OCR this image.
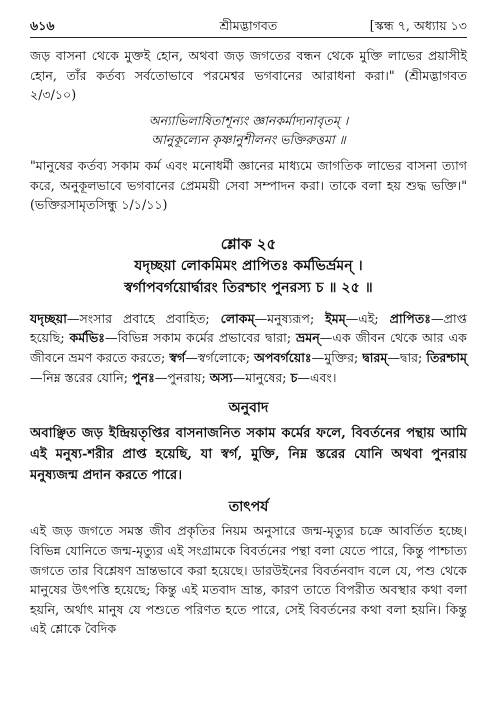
৬১৬	শ্রীমদ্ভাগবত	[স্কন্ধ ৭, অধ্যায় ১৩

জড় বাসনা থেকে মুক্তই হোন, অথবা জড় জগতের বন্ধন থেকে মুক্তি লাভের প্রয়াসীই হোন, তাঁর কর্তব্য সর্বতোভাবে পরমেশ্বর ভগবানের আরাধনা করা।" (শ্রীমদ্ভাগবত ২/৩/১০)

অন্যাভিলাষিতাশূন্যং জ্ঞানকর্মাদ্যনাবৃতম্ ।

আনুকূল্যেন কৃষ্ণানুশীলনং ভক্তিরুত্তমা ॥

"মানুষের কর্তব্য সকাম কর্ম এবং মনোধর্মী জ্ঞানের মাধ্যমে জাগতিক লাভের বাসনা ত্যাগ করে, অনুকূলভাবে ভগবানের প্রেমময়ী সেবা সম্পাদন করা। তাকে বলা হয় শুদ্ধ ভক্তি।" (ভক্তিরসামৃতসিন্ধু ১/১/১১)

শ্লোক ২৫
যদৃচ্ছয়া লোকমিমং প্রাপিতঃ কর্মভির্ভ্রমন্ ।
স্বর্গাপবর্গয়োর্দ্বারং তিরশ্চাং পুনরস্য চ ॥ ২৫ ॥

যদৃচ্ছয়া—সংসার প্রবাহে প্রবাহিত; লোকম্—মনুষ্যরূপ; ইমম্—এই; প্রাপিতঃ—প্রাপ্ত হয়েছি; কর্মভিঃ—বিভিন্ন সকাম কর্মের প্রভাবের দ্বারা; ভ্রমন্—এক জীবন থেকে আর এক জীবনে ভ্রমণ করতে করতে; স্বর্গ—স্বর্গলোকে; অপবর্গয়োঃ—মুক্তির; দ্বারম্—দ্বার; তিরশ্চাম্—নিম্ন স্তরের যোনি; পুনঃ—পুনরায়; অস্য—মানুষের; চ—এবং।

অনুবাদ

অবাঞ্ছিত জড় ইন্দ্রিয়তৃপ্তির বাসনাজনিত সকাম কর্মের ফলে, বিবর্তনের পন্থায় আমি এই মনুষ্য-শরীর প্রাপ্ত হয়েছি, যা স্বর্গ, মুক্তি, নিম্ন স্তরের যোনি অথবা পুনরায় মনুষ্যজন্ম প্রদান করতে পারে।

তাৎপর্য

এই জড় জগতে সমস্ত জীব প্রকৃতির নিয়ম অনুসারে জন্ম-মৃত্যুর চক্রে আবর্তিত হচ্ছে। বিভিন্ন যোনিতে জন্ম-মৃত্যুর এই সংগ্রামকে বিবর্তনের পন্থা বলা যেতে পারে, কিন্তু পাশ্চাত্য জগতে তার বিশ্লেষণ ভ্রান্তভাবে করা হয়েছে। ডারউইনের বিবর্তনবাদ বলে যে, পশু থেকে মানুষের উৎপত্তি হয়েছে; কিন্তু এই মতবাদ ভ্রান্ত, কারণ তাতে বিপরীত অবস্থার কথা বলা হয়নি, অর্থাৎ মানুষ যে পশুতে পরিণত হতে পারে, সেই বিবর্তনের কথা বলা হয়নি। কিন্তু এই শ্লোকে বৈদিক
